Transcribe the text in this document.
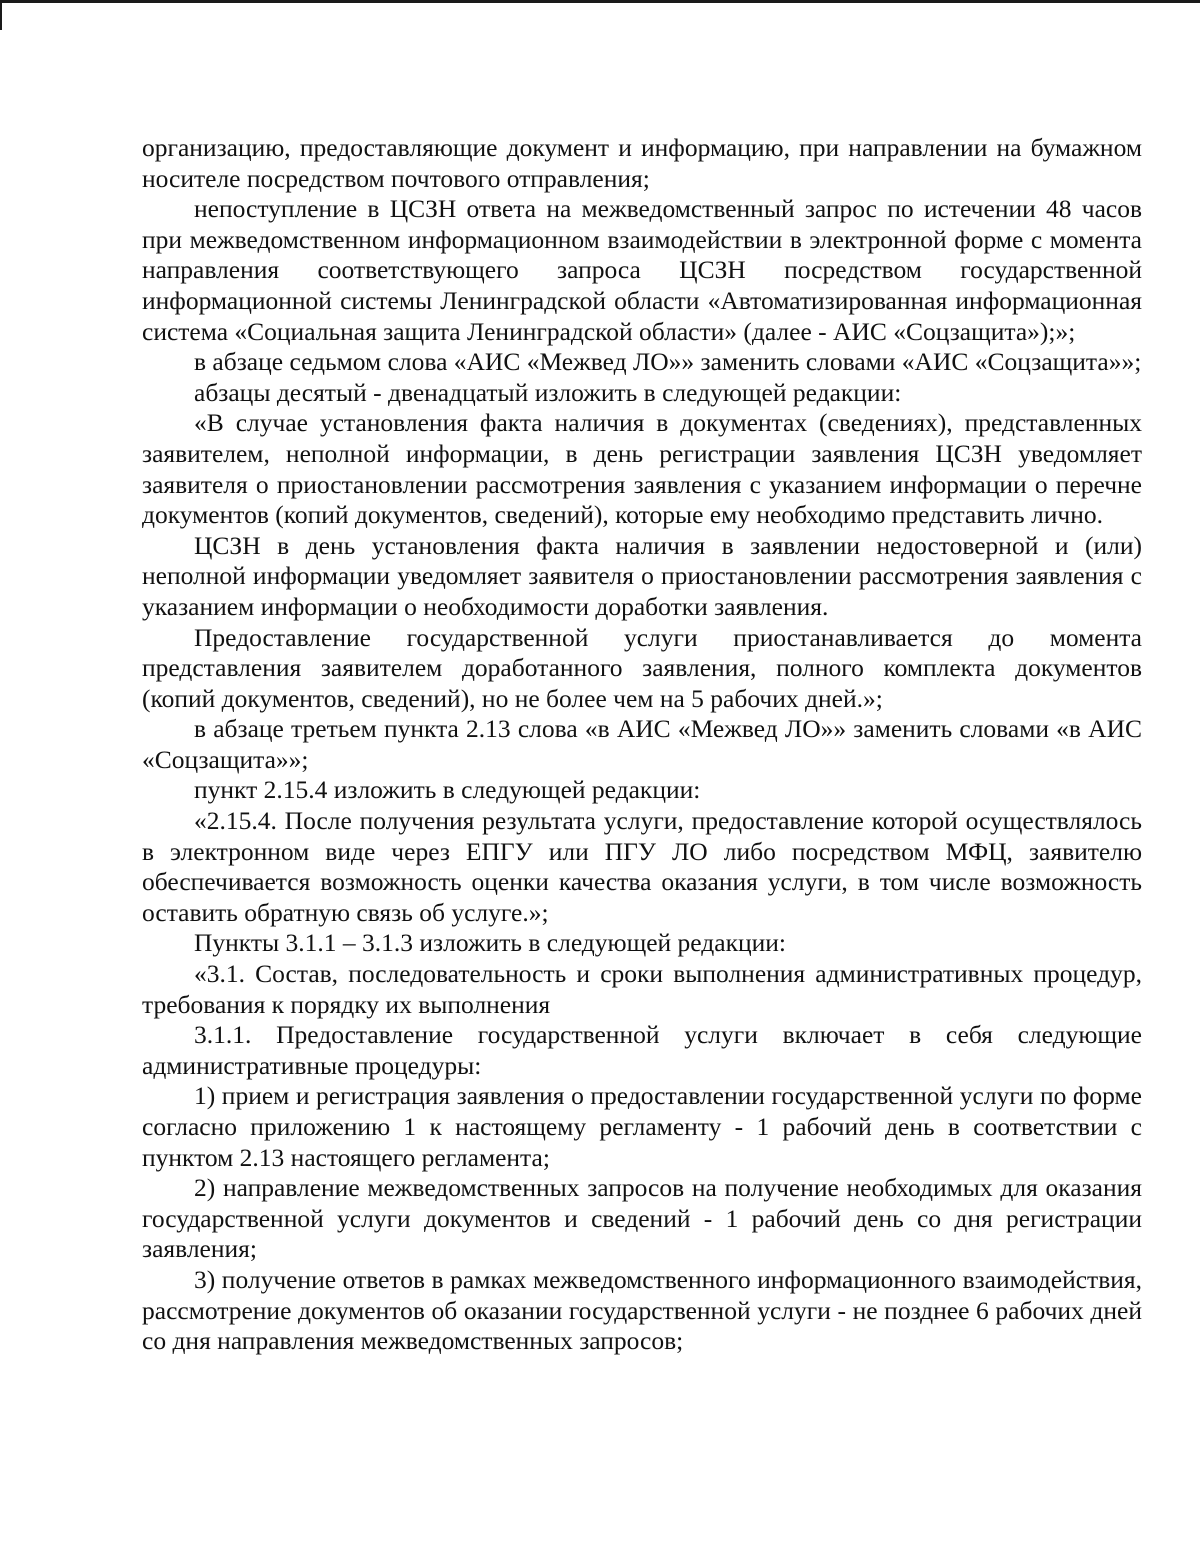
организацию, предоставляющие документ и информацию, при направлении на бумажном носителе посредством почтового отправления;

непоступление в ЦСЗН ответа на межведомственный запрос по истечении 48 часов при межведомственном информационном взаимодействии в электронной форме с момента направления соответствующего запроса ЦСЗН посредством государственной информационной системы Ленинградской области «Автоматизированная информационная система «Социальная защита Ленинградской области» (далее - АИС «Соцзащита»);»;

в абзаце седьмом слова «АИС «Межвед ЛО»» заменить словами «АИС «Соцзащита»»;

абзацы десятый - двенадцатый изложить в следующей редакции:

«В случае установления факта наличия в документах (сведениях), представленных заявителем, неполной информации, в день регистрации заявления ЦСЗН уведомляет заявителя о приостановлении рассмотрения заявления с указанием информации о перечне документов (копий документов, сведений), которые ему необходимо представить лично.

ЦСЗН в день установления факта наличия в заявлении недостоверной и (или) неполной информации уведомляет заявителя о приостановлении рассмотрения заявления с указанием информации о необходимости доработки заявления.

Предоставление государственной услуги приостанавливается до момента представления заявителем доработанного заявления, полного комплекта документов (копий документов, сведений), но не более чем на 5 рабочих дней.»;

в абзаце третьем пункта 2.13 слова «в АИС «Межвед ЛО»» заменить словами «в АИС «Соцзащита»»;

пункт 2.15.4 изложить в следующей редакции:

«2.15.4. После получения результата услуги, предоставление которой осуществлялось в электронном виде через ЕПГУ или ПГУ ЛО либо посредством МФЦ, заявителю обеспечивается возможность оценки качества оказания услуги, в том числе возможность оставить обратную связь об услуге.»;

Пункты 3.1.1 – 3.1.3 изложить в следующей редакции:

«3.1. Состав, последовательность и сроки выполнения административных процедур, требования к порядку их выполнения

3.1.1. Предоставление государственной услуги включает в себя следующие административные процедуры:

1) прием и регистрация заявления о предоставлении государственной услуги по форме согласно приложению 1 к настоящему регламенту - 1 рабочий день в соответствии с пунктом 2.13 настоящего регламента;

2) направление межведомственных запросов на получение необходимых для оказания государственной услуги документов и сведений - 1 рабочий день со дня регистрации заявления;

3) получение ответов в рамках межведомственного информационного взаимодействия, рассмотрение документов об оказании государственной услуги - не позднее 6 рабочих дней со дня направления межведомственных запросов;
